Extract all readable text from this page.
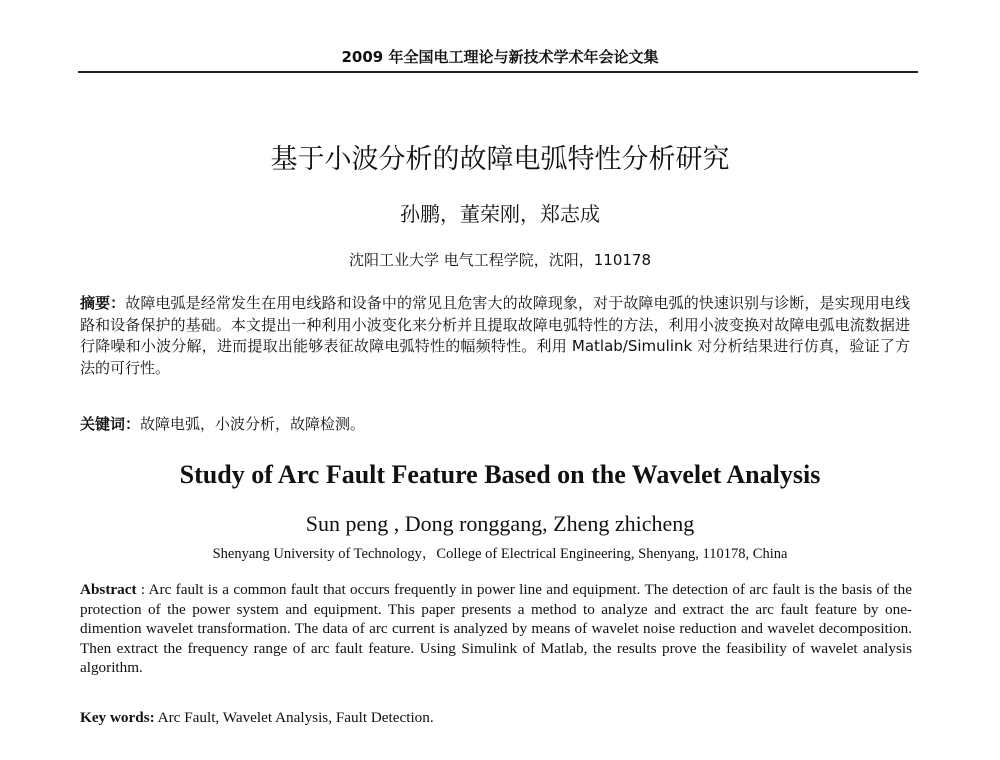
2009 年全国电工理论与新技术学术年会论文集
基于小波分析的故障电弧特性分析研究
孙鹏，董荣刚，郑志成
沈阳工业大学 电气工程学院，沈阳，110178
摘要：故障电弧是经常发生在用电线路和设备中的常见且危害大的故障现象，对于故障电弧的快速识别与诊断，是实现用电线路和设备保护的基础。本文提出一种利用小波变化来分析并且提取故障电弧特性的方法，利用小波变换对故障电弧电流数据进行降噪和小波分解，进而提取出能够表征故障电弧特性的幅频特性。利用 Matlab/Simulink 对分析结果进行仿真，验证了方法的可行性。
关键词：故障电弧，小波分析，故障检测。
Study of Arc Fault Feature Based on the Wavelet Analysis
Sun peng , Dong ronggang, Zheng zhicheng
Shenyang University of Technology，College of Electrical Engineering, Shenyang, 110178, China
Abstract : Arc fault is a common fault that occurs frequently in power line and equipment. The detection of arc fault is the basis of the protection of the power system and equipment. This paper presents a method to analyze and extract the arc fault feature by one-dimention wavelet transformation. The data of arc current is analyzed by means of wavelet noise reduction and wavelet decomposition. Then extract the frequency range of arc fault feature. Using Simulink of Matlab, the results prove the feasibility of wavelet analysis algorithm.
Key words: Arc Fault, Wavelet Analysis, Fault Detection.
